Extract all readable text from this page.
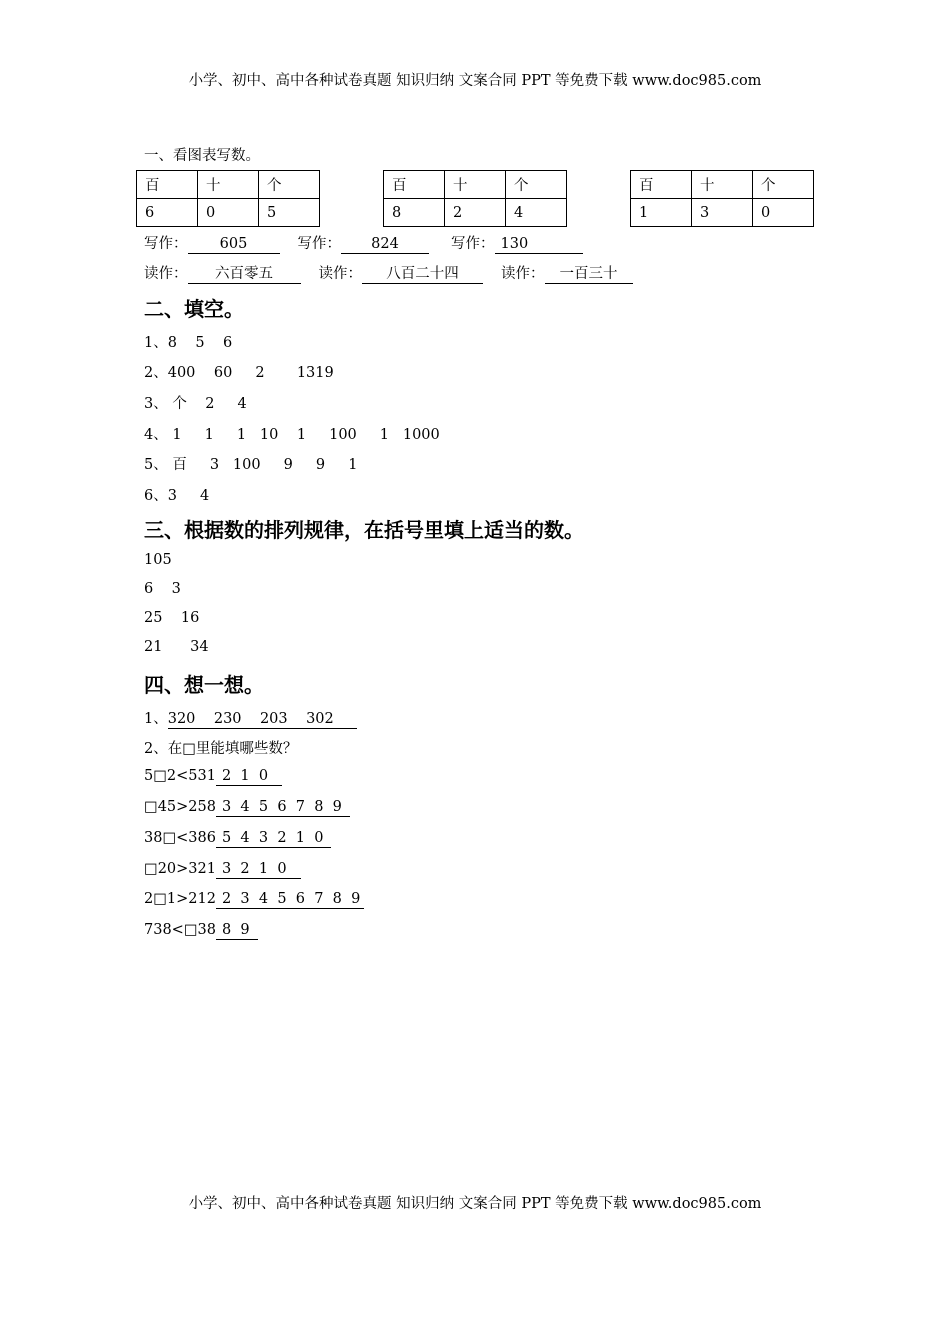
小学、初中、高中各种试卷真题 知识归纳 文案合同 PPT 等免费下载 www.doc985.com
一、看图表写数。
百	十	个
6	0	5
百	十	个
8	2	4
百	十	个
1	3	0
写作： 605	写作： 824	写作： 130
读作： 六百零五	读作： 八百二十四	读作： 一百三十
二、填空。
1、8    5    6
2、400    60     2       1319
3、 个    2     4
4、 1     1     1   10    1     100     1   1000
5、 百     3   100     9     9     1
6、3     4
三、根据数的排列规律，在括号里填上适当的数。
105
6    3
25    16
21      34
四、想一想。
1、320    230    203    302
2、在□里能填哪些数？
5□2<531 2  1  0
□45>258 3  4  5  6  7  8  9
38□<386 5  4  3  2  1  0
□20>321 3  2  1  0
2□1>212 2  3  4  5  6  7  8  9
738<□38 8  9
小学、初中、高中各种试卷真题 知识归纳 文案合同 PPT 等免费下载 www.doc985.com
